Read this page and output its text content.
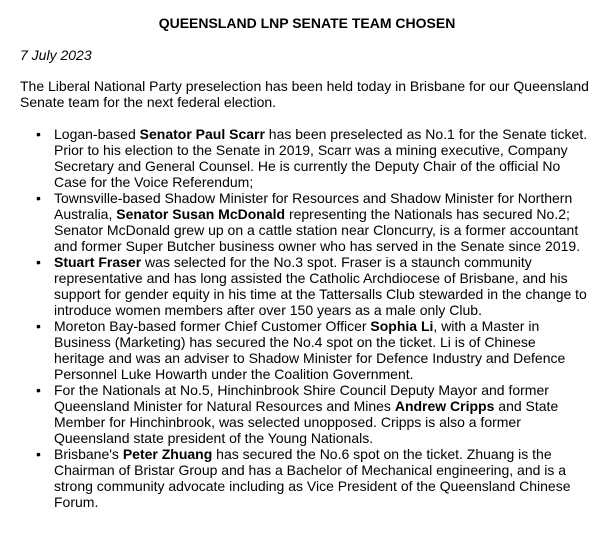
QUEENSLAND LNP SENATE TEAM CHOSEN

7 July 2023

The Liberal National Party preselection has been held today in Brisbane for our Queensland Senate team for the next federal election.

• Logan-based Senator Paul Scarr has been preselected as No.1 for the Senate ticket. Prior to his election to the Senate in 2019, Scarr was a mining executive, Company Secretary and General Counsel. He is currently the Deputy Chair of the official No Case for the Voice Referendum;
• Townsville-based Shadow Minister for Resources and Shadow Minister for Northern Australia, Senator Susan McDonald representing the Nationals has secured No.2; Senator McDonald grew up on a cattle station near Cloncurry, is a former accountant and former Super Butcher business owner who has served in the Senate since 2019.
• Stuart Fraser was selected for the No.3 spot. Fraser is a staunch community representative and has long assisted the Catholic Archdiocese of Brisbane, and his support for gender equity in his time at the Tattersalls Club stewarded in the change to introduce women members after over 150 years as a male only Club.
• Moreton Bay-based former Chief Customer Officer Sophia Li, with a Master in Business (Marketing) has secured the No.4 spot on the ticket. Li is of Chinese heritage and was an adviser to Shadow Minister for Defence Industry and Defence Personnel Luke Howarth under the Coalition Government.
• For the Nationals at No.5, Hinchinbrook Shire Council Deputy Mayor and former Queensland Minister for Natural Resources and Mines Andrew Cripps and State Member for Hinchinbrook, was selected unopposed. Cripps is also a former Queensland state president of the Young Nationals.
• Brisbane's Peter Zhuang has secured the No.6 spot on the ticket. Zhuang is the Chairman of Bristar Group and has a Bachelor of Mechanical engineering, and is a strong community advocate including as Vice President of the Queensland Chinese Forum.
